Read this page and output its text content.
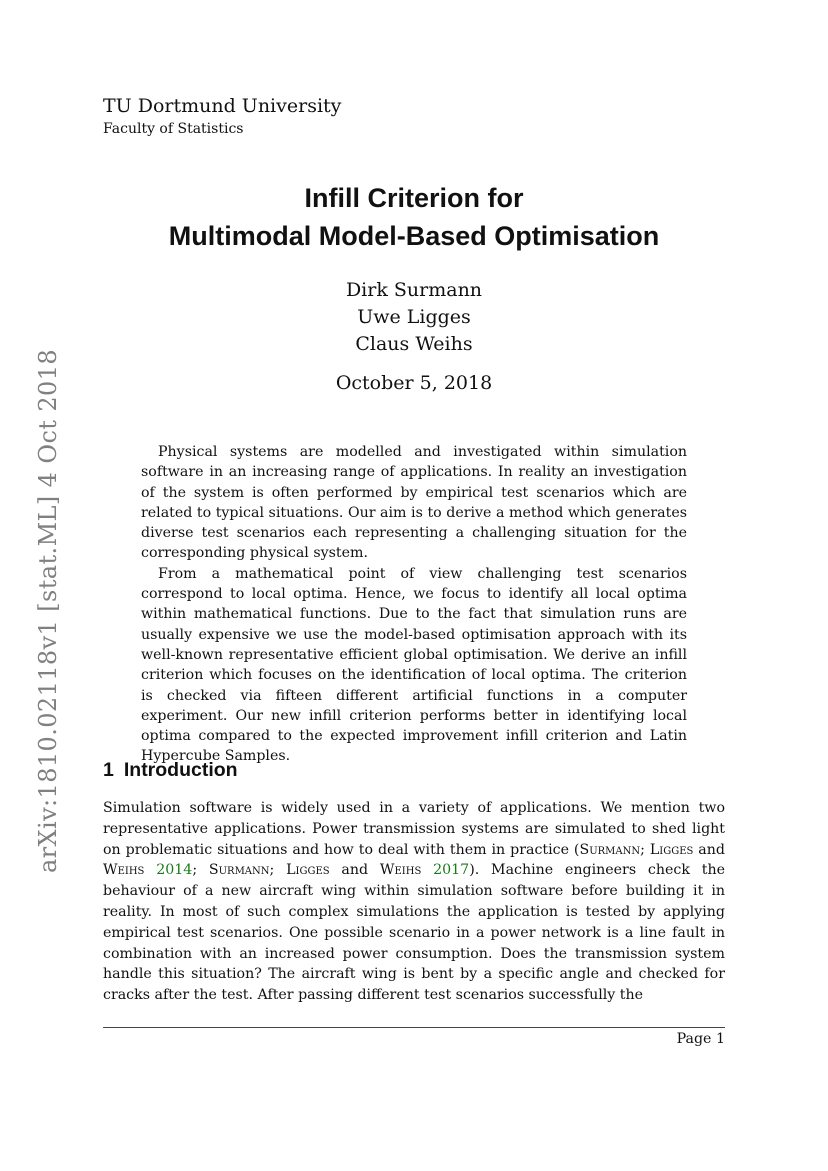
TU Dortmund University
Faculty of Statistics
Infill Criterion for
Multimodal Model-Based Optimisation
Dirk Surmann
Uwe Ligges
Claus Weihs
October 5, 2018
arXiv:1810.02118v1 [stat.ML] 4 Oct 2018	Physical systems are modelled and investigated within simulation software in an increasing range of applications. In reality an investigation of the system is often performed by empirical test scenarios which are related to typical situations. Our aim is to derive a method which generates diverse test scenarios each representing a challenging situation for the corresponding physical system.

From a mathematical point of view challenging test scenarios correspond to local optima. Hence, we focus to identify all local optima within mathematical functions. Due to the fact that simulation runs are usually expensive we use the model-based optimisation approach with its well-known representative efficient global optimisation. We derive an infill criterion which focuses on the identification of local optima. The criterion is checked via fifteen different artificial functions in a computer experiment. Our new infill criterion performs better in identifying local optima compared to the expected improvement infill criterion and Latin Hypercube Samples.

1 Introduction

Simulation software is widely used in a variety of applications. We mention two representative applications. Power transmission systems are simulated to shed light on problematic situations and how to deal with them in practice (Surmann; Ligges and Weihs 2014; Surmann; Ligges and Weihs 2017). Machine engineers check the behaviour of a new aircraft wing within simulation software before building it in reality. In most of such complex simulations the application is tested by applying empirical test scenarios. One possible scenario in a power network is a line fault in combination with an increased power consumption. Does the transmission system handle this situation? The aircraft wing is bent by a specific angle and checked for cracks after the test. After passing different test scenarios successfully the

Page 1
